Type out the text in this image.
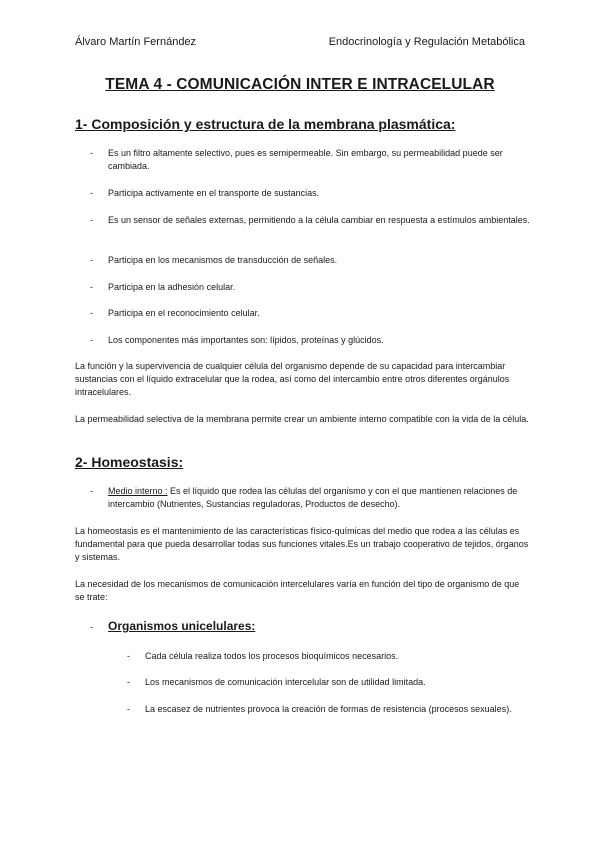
Álvaro Martín Fernández	Endocrinología y Regulación Metabólica
TEMA 4 - COMUNICACIÓN INTER E INTRACELULAR
1- Composición y estructura de la membrana plasmática:
- Es un filtro altamente selectivo, pues es semipermeable. Sin embargo, su permeabilidad puede ser cambiada.
- Participa activamente en el transporte de sustancias.
- Es un sensor de señales externas, permitiendo a la célula cambiar en respuesta a estímulos ambientales.
- Participa en los mecanismos de transducción de señales.
- Participa en la adhesión celular.
- Participa en el reconocimiento celular.
- Los componentes más importantes son: lípidos, proteínas y glúcidos.
La función y la supervivencia de cualquier célula del organismo depende de su capacidad para intercambiar sustancias con el líquido extracelular que la rodea, así como del intercambio entre otros diferentes orgánulos intracelulares.
La permeabilidad selectiva de la membrana permite crear un ambiente interno compatible con la vida de la célula.
2- Homeostasis:
- Medio interno : Es el líquido que rodea las células del organismo y con el que mantienen relaciones de intercambio (Nutrientes, Sustancias reguladoras, Productos de desecho).
La homeostasis es el mantenimiento de las características físico-químicas del medio que rodea a las células es fundamental para que pueda desarrollar todas sus funciones vitales.Es un trabajo cooperativo de tejidos, órganos y sistemas.
La necesidad de los mecanismos de comunicación intercelulares varía en función del tipo de organismo de que se trate:
- Organismos unicelulares:
- Cada célula realiza todos los procesos bioquímicos necesarios.
- Los mecanismos de comunicación intercelular son de utilidad limitada.
- La escasez de nutrientes provoca la creación de formas de resistencia (procesos sexuales).
